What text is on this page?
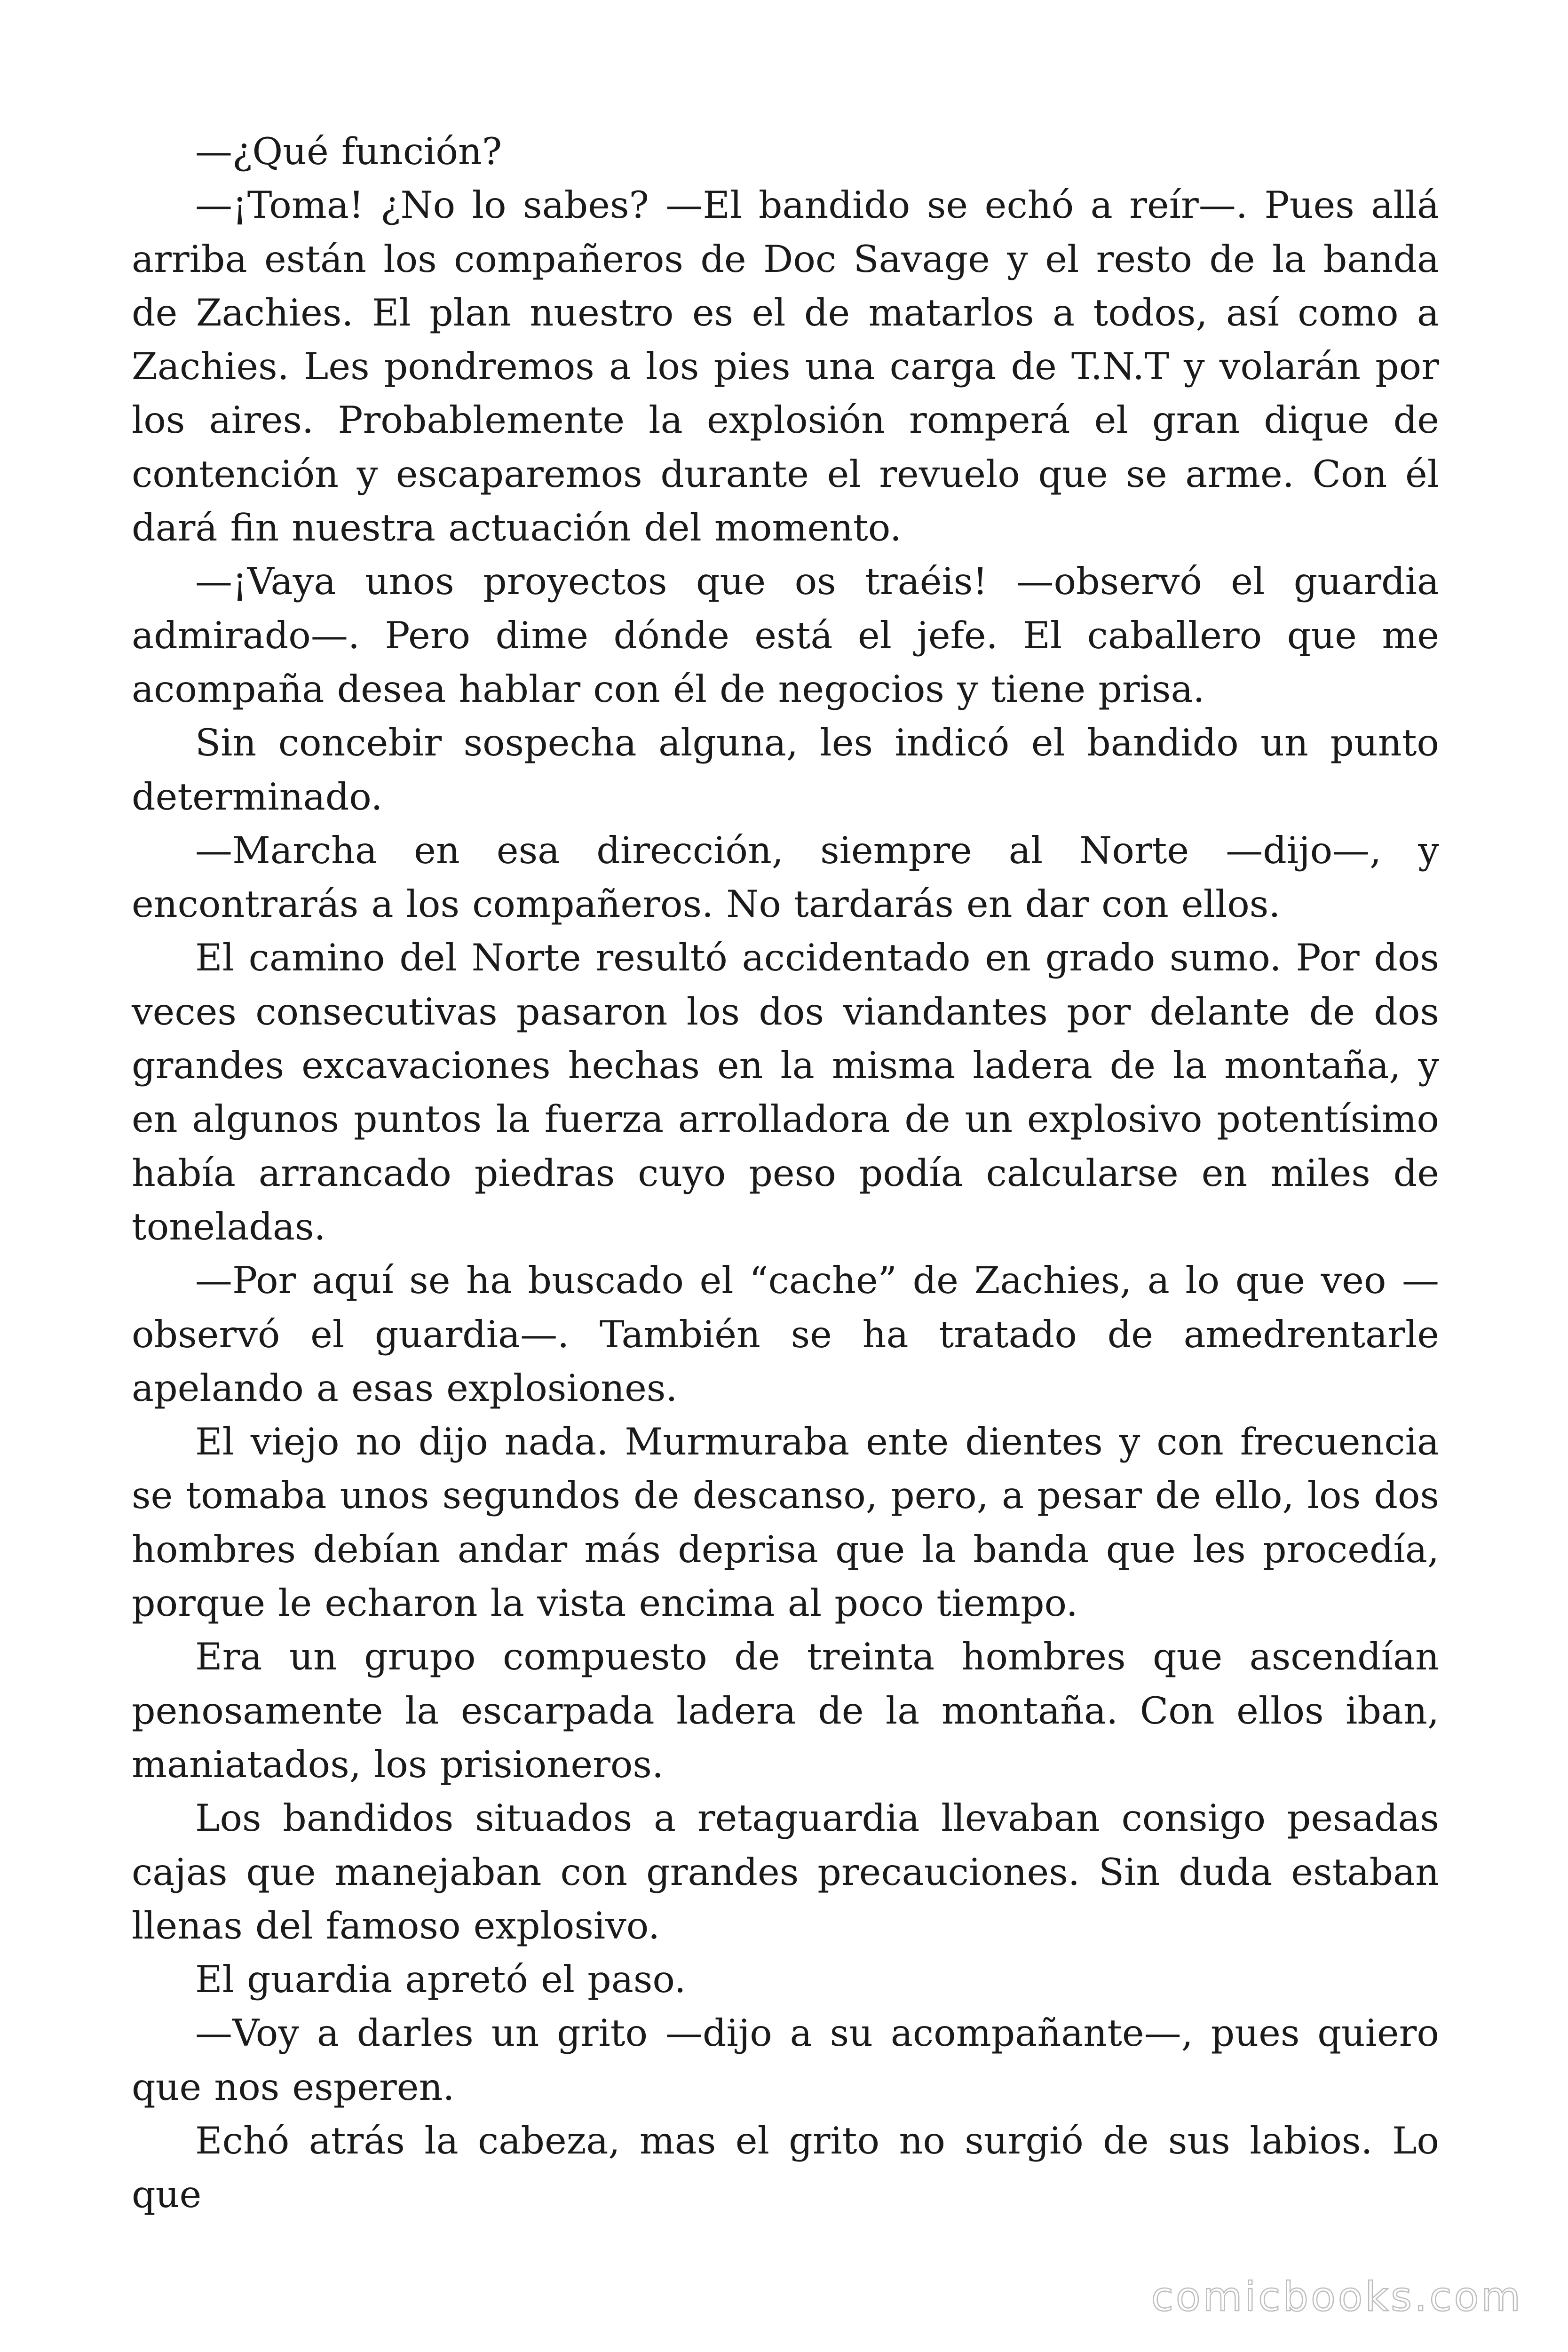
—¿Qué función?

—¡Toma! ¿No lo sabes? —El bandido se echó a reír—. Pues allá arriba están los compañeros de Doc Savage y el resto de la banda de Zachies. El plan nuestro es el de matarlos a todos, así como a Zachies. Les pondremos a los pies una carga de T.N.T y volarán por los aires. Probablemente la explosión romperá el gran dique de contención y escaparemos durante el revuelo que se arme. Con él dará fin nuestra actuación del momento.

—¡Vaya unos proyectos que os traéis! —observó el guardia admirado—. Pero dime dónde está el jefe. El caballero que me acompaña desea hablar con él de negocios y tiene prisa.

Sin concebir sospecha alguna, les indicó el bandido un punto determinado.

—Marcha en esa dirección, siempre al Norte —dijo—, y encontrarás a los compañeros. No tardarás en dar con ellos.

El camino del Norte resultó accidentado en grado sumo. Por dos veces consecutivas pasaron los dos viandantes por delante de dos grandes excavaciones hechas en la misma ladera de la montaña, y en algunos puntos la fuerza arrolladora de un explosivo potentísimo había arrancado piedras cuyo peso podía calcularse en miles de toneladas.

—Por aquí se ha buscado el “cache” de Zachies, a lo que veo —observó el guardia—. También se ha tratado de amedrentarle apelando a esas explosiones.

El viejo no dijo nada. Murmuraba ente dientes y con frecuencia se tomaba unos segundos de descanso, pero, a pesar de ello, los dos hombres debían andar más deprisa que la banda que les procedía, porque le echaron la vista encima al poco tiempo.

Era un grupo compuesto de treinta hombres que ascendían penosamente la escarpada ladera de la montaña. Con ellos iban, maniatados, los prisioneros.

Los bandidos situados a retaguardia llevaban consigo pesadas cajas que manejaban con grandes precauciones. Sin duda estaban llenas del famoso explosivo.

El guardia apretó el paso.

—Voy a darles un grito —dijo a su acompañante—, pues quiero que nos esperen.

Echó atrás la cabeza, mas el grito no surgió de sus labios. Lo que

comicbooks.com
